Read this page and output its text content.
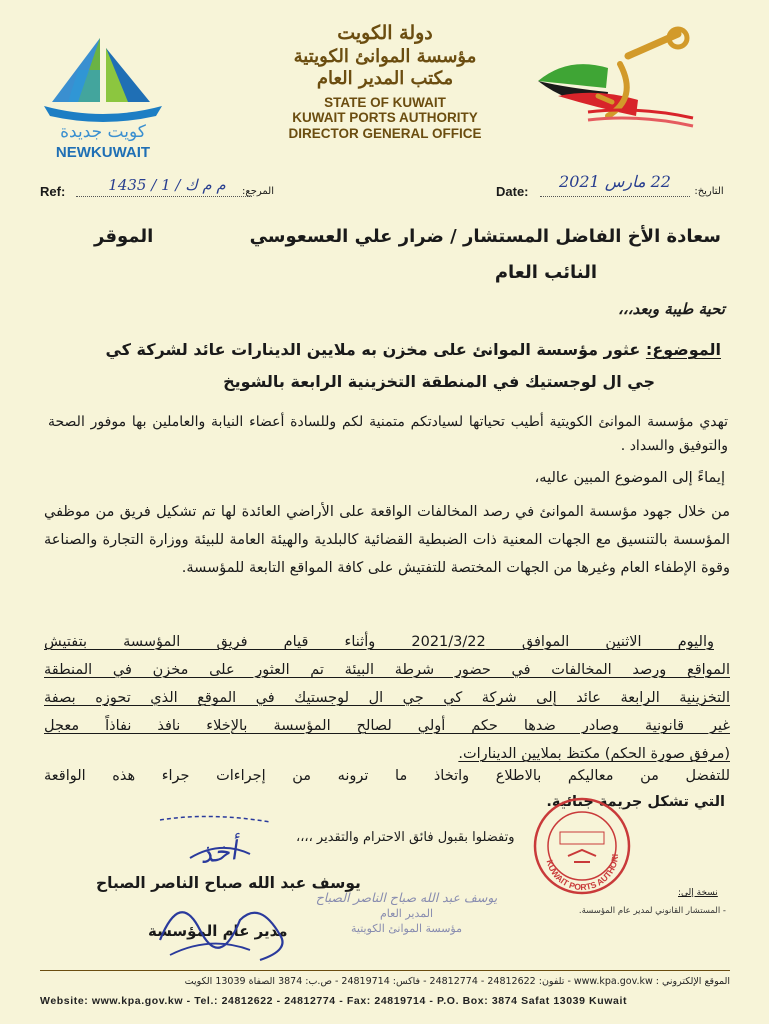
كويت جديدة
NEWKUWAIT
دولة الكويت
مؤسسة الموانئ الكويتية
مكتب المدير العام
STATE OF KUWAIT
KUWAIT PORTS AUTHORITY
DIRECTOR GENERAL OFFICE
Ref:	م م ك / 1 / 1435	المرجع:	Date:
22 مارس 2021
التاريخ:
سعادة الأخ الفاضل المستشار / ضرار علي العسعوسي
الموقر
النائب العام
تحية طيبة وبعد،،،
الموضوع: عثور مؤسسة الموانئ على مخزن به ملايين الدينارات عائد لشركة كي
جي ال لوجستيك في المنطقة التخزينية الرابعة بالشويخ
تهدي مؤسسة الموانئ الكويتية أطيب تحياتها لسيادتكم متمنية لكم وللسادة أعضاء النيابة والعاملين بها موفور الصحة والتوفيق والسداد .
إيماءً إلى الموضوع المبين عاليه،
من خلال جهود مؤسسة الموانئ في رصد المخالفات الواقعة على الأراضي العائدة لها تم تشكيل فريق من موظفي المؤسسة بالتنسيق مع الجهات المعنية ذات الضبطية القضائية كالبلدية والهيئة العامة للبيئة ووزارة التجارة والصناعة وقوة الإطفاء العام وغيرها من الجهات المختصة للتفتيش على كافة المواقع التابعة للمؤسسة.
واليوم الاثنين الموافق 2021/3/22 وأثناء قيام فريق المؤسسة بتفتيش
المواقع ورصد المخالفات في حضور شرطة البيئة تم العثور على مخزن في المنطقة
التخزينية الرابعة عائد إلى شركة كي جي ال لوجستيك في الموقع الذي تحوزه بصفة
غير قانونية وصادر ضدها حكم أولي لصالح المؤسسة بالإخلاء نافذ نفاذاً معجل
(مرفق صورة الحكم) مكتظ بملايين الدينارات.
للتفضل من معاليكم بالاطلاع واتخاذ ما ترونه من إجراءات جراء هذه الواقعة
التي تشكل جريمة جنائية.
وتفضلوا بقبول فائق الاحترام والتقدير ،،،،
أخذ
يوسف عبد الله صباح الناصر الصباح
مدير عام المؤسسة
يوسف عبد الله صباح الناصر الصباح
المدير العام
مؤسسة الموانئ الكويتية
KUWAIT PORTS AUTHORI
نسخة إلى:
- المستشار القانوني لمدير عام المؤسسة.
الموقع الإلكتروني : www.kpa.gov.kw - تلفون: 24812622 - 24812774 - فاكس: 24819714 - ص.ب: 3874 الصفاة 13039 الكويت
Website: www.kpa.gov.kw - Tel.: 24812622 - 24812774 - Fax: 24819714 - P.O. Box: 3874 Safat 13039 Kuwait
